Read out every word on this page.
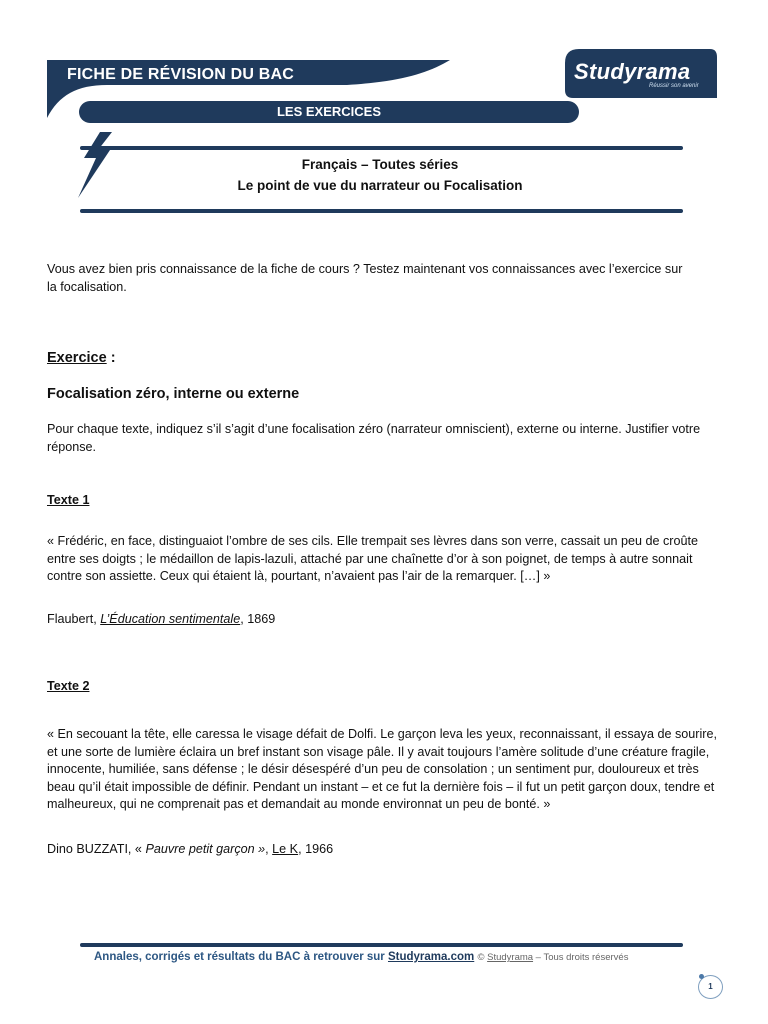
FICHE DE RÉVISION DU BAC
LES EXERCICES
Studyrama
Réussir son avenir
Français – Toutes séries
Le point de vue du narrateur ou Focalisation
Vous avez bien pris connaissance de la fiche de cours ? Testez maintenant vos connaissances avec l’exercice sur la focalisation.
Exercice :
Focalisation zéro, interne ou externe
Pour chaque texte, indiquez s’il s’agit d’une focalisation zéro (narrateur omniscient), externe ou interne. Justifier votre réponse.
Texte 1
« Frédéric, en face, distinguaiot l’ombre de ses cils. Elle trempait ses lèvres dans son verre, cassait un peu de croûte entre ses doigts ; le médaillon de lapis-lazuli, attaché par une chaînette d’or à son poignet, de temps à autre sonnait contre son assiette. Ceux qui étaient là, pourtant, n’avaient pas l’air de la remarquer. […] »
Flaubert, L’Éducation sentimentale, 1869
Texte 2
« En secouant la tête, elle caressa le visage défait de Dolfi. Le garçon leva les yeux, reconnaissant, il essaya de sourire, et une sorte de lumière éclaira un bref instant son visage pâle. Il y avait toujours l’amère solitude d’une créature fragile, innocente, humiliée, sans défense ; le désir désespéré d’un peu de consolation ; un sentiment pur, douloureux et très beau qu’il était impossible de définir. Pendant un instant – et ce fut la dernière fois – il fut un petit garçon doux, tendre et malheureux, qui ne comprenait pas et demandait au monde environnat un peu de bonté. »
Dino BUZZATI, « Pauvre petit garçon », Le K, 1966
Annales, corrigés et résultats du BAC à retrouver sur Studyrama.com © Studyrama – Tous droits réservés
1
